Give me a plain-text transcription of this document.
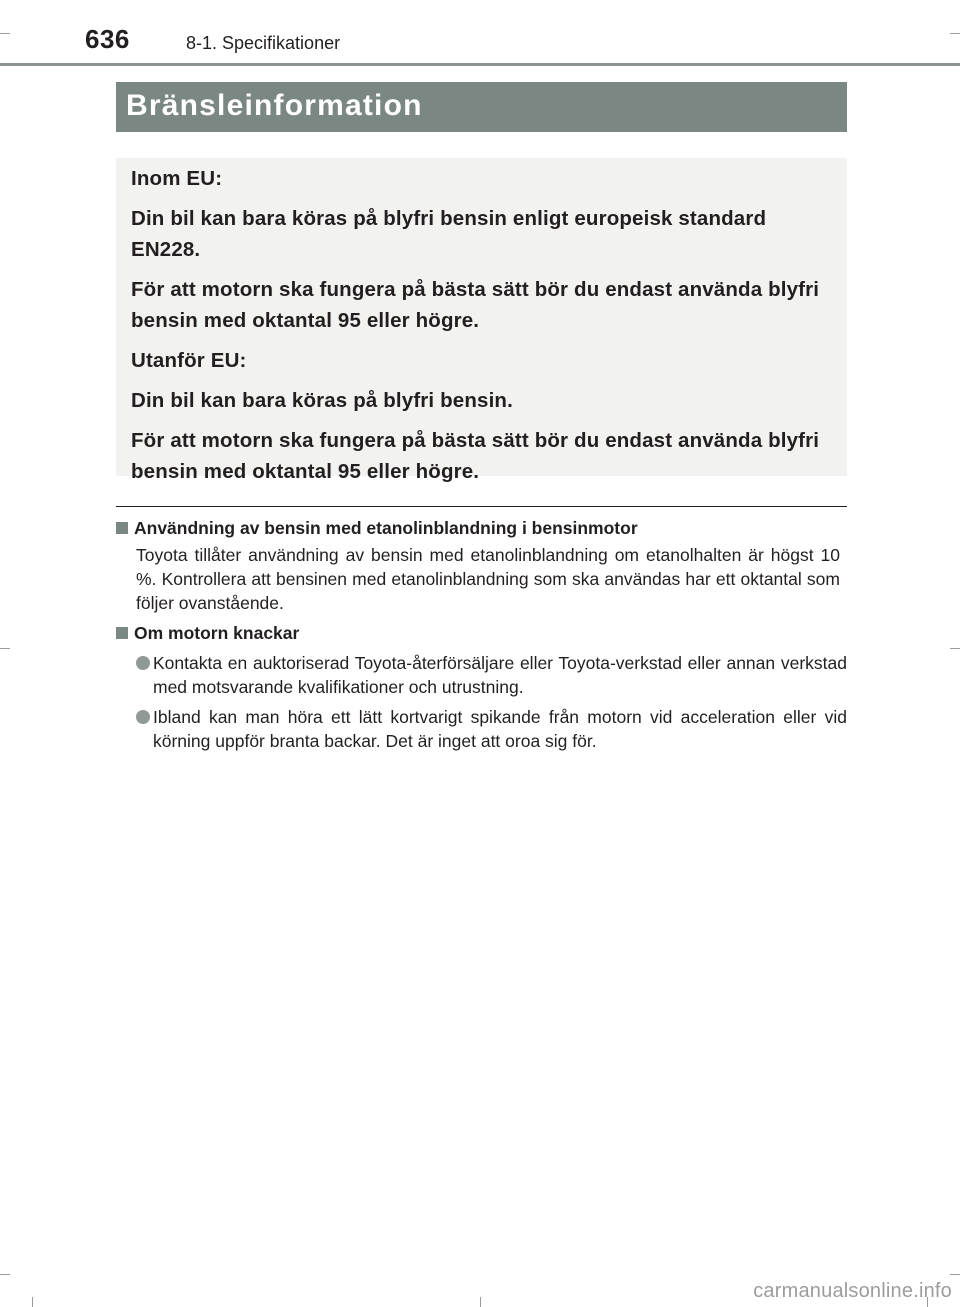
636	8-1. Specifikationer
Bränsleinformation

Inom EU:

Din bil kan bara köras på blyfri bensin enligt europeisk standard EN228.

För att motorn ska fungera på bästa sätt bör du endast använda blyfri bensin med oktantal 95 eller högre.

Utanför EU:

Din bil kan bara köras på blyfri bensin.

För att motorn ska fungera på bästa sätt bör du endast använda blyfri bensin med oktantal 95 eller högre.

Användning av bensin med etanolinblandning i bensinmotor
Toyota tillåter användning av bensin med etanolinblandning om etanolhalten är högst 10 %. Kontrollera att bensinen med etanolinblandning som ska användas har ett oktantal som följer ovanstående.
Om motorn knackar
Kontakta en auktoriserad Toyota-återförsäljare eller Toyota-verkstad eller annan verkstad med motsvarande kvalifikationer och utrustning.
Ibland kan man höra ett lätt kortvarigt spikande från motorn vid acceleration eller vid körning uppför branta backar. Det är inget att oroa sig för.
carmanualsonline.info
